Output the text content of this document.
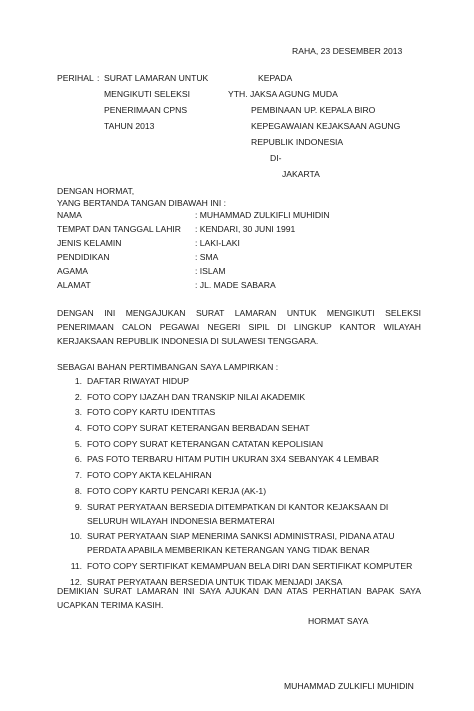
RAHA, 23 DESEMBER 2013
PERIHAL : SURAT LAMARAN UNTUK
MENGIKUTI SELEKSI
PENERIMAAN CPNS
TAHUN 2013
KEPADA
YTH. JAKSA AGUNG MUDA
PEMBINAAN UP. KEPALA BIRO
KEPEGAWAIAN KEJAKSAAN AGUNG
REPUBLIK INDONESIA
DI-
JAKARTA
DENGAN HORMAT,
YANG BERTANDA TANGAN DIBAWAH INI :
NAMA	: MUHAMMAD ZULKIFLI MUHIDIN
TEMPAT DAN TANGGAL LAHIR	: KENDARI, 30 JUNI 1991
JENIS KELAMIN	: LAKI-LAKI
PENDIDIKAN	: SMA
AGAMA	: ISLAM
ALAMAT	: JL. MADE SABARA
DENGAN INI MENGAJUKAN SURAT LAMARAN UNTUK MENGIKUTI SELEKSI PENERIMAAN CALON PEGAWAI NEGERI SIPIL DI LINGKUP KANTOR WILAYAH KERJAKSAAN REPUBLIK INDONESIA DI SULAWESI TENGGARA.
SEBAGAI BAHAN PERTIMBANGAN SAYA LAMPIRKAN :
1. DAFTAR RIWAYAT HIDUP
2. FOTO COPY IJAZAH DAN TRANSKIP NILAI AKADEMIK
3. FOTO COPY KARTU IDENTITAS
4. FOTO COPY SURAT KETERANGAN BERBADAN SEHAT
5. FOTO COPY SURAT KETERANGAN CATATAN KEPOLISIAN
6. PAS FOTO TERBARU HITAM PUTIH UKURAN 3X4 SEBANYAK 4 LEMBAR
7. FOTO COPY AKTA KELAHIRAN
8. FOTO COPY KARTU PENCARI KERJA (AK-1)
9. SURAT PERYATAAN BERSEDIA DITEMPATKAN DI KANTOR KEJAKSAAN DI SELURUH WILAYAH INDONESIA BERMATERAI
10. SURAT PERYATAAN SIAP MENERIMA SANKSI ADMINISTRASI, PIDANA ATAU PERDATA APABILA MEMBERIKAN KETERANGAN YANG TIDAK BENAR
11. FOTO COPY SERTIFIKAT KEMAMPUAN BELA DIRI DAN SERTIFIKAT KOMPUTER
12. SURAT PERYATAAN BERSEDIA UNTUK TIDAK MENJADI JAKSA
DEMIKIAN SURAT LAMARAN INI SAYA AJUKAN DAN ATAS PERHATIAN BAPAK SAYA UCAPKAN TERIMA KASIH.
HORMAT SAYA
MUHAMMAD ZULKIFLI MUHIDIN
